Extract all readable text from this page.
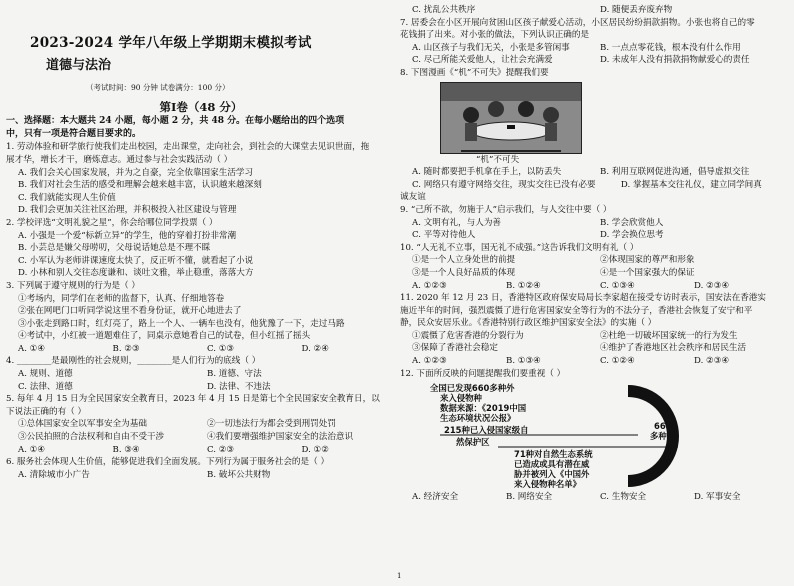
2023-2024 学年八年级上学期期末模拟考试
道德与法治
（考试时间：90 分钟 试卷满分：100 分）
第Ⅰ卷（48 分）
一、选择题：本大题共 24 小题，每小题 2 分，共 48 分。在每小题给出的四个选项
中，只有一项是符合题目要求的。
1. 劳动体验和研学旅行使我们走出校园，走出课堂，走向社会，到社会的大课堂去见识世面，拖
展才华，增长才干，磨炼意志。通过参与社会实践活动（ ）
A. 我们会关心国家发展，并为之自豪，完全依靠国家生活学习
B. 我们对社会生活的感受和理解会越来越丰富，认识越来越深刻
C. 我们就能实现人生价值
D. 我们会更加关注社区治理，并积极投入社区建设与管理
2. 学校评选“文明礼貌之星”，你会给哪位同学投票（ ）
A. 小强是一个爱“标新立异”的学生，他的穿着打扮非常潮
B. 小芸总是嫌父母唠叨，父母说话她总是不理不睬
C. 小军认为老师讲课速度太快了，反正听不懂，就看起了小说
D. 小林和别人交往态度谦和、谈吐文雅，举止稳重，落落大方
3. 下列属于遵守规则的行为是（ ）
①考场内，同学们在老师的监督下，认真、仔细地答卷
②张在网吧门口听同学说这里不看身份证，就开心地进去了
③小张走到路口时，红灯亮了，路上一个人、一辆车也没有，他犹豫了一下，走过马路
④考试中，小红被一道题难住了，同桌示意她看自己的试卷，但小红摇了摇头
A. ①④	B. ②③	C. ①③	D. ②④
4. ________是最刚性的社会规则，________是人们行为的底线（ ）
A. 规则、道德	B. 道德、守法
C. 法律、道德	D. 法律、不违法
5. 每年 4 月 15 日为全民国家安全教育日，2023 年 4 月 15 日是第七个全民国家安全教育日，以
下说法正确的有（ ）
①总体国家安全以军事安全为基础	②一切违法行为都会受到刑罚处罚
③公民拍照的合法权利和自由不受干涉	④我们要增强维护国家安全的法治意识
A. ①④	B. ③④	C. ②③	D. ①②
6. 服务社会体现人生价值，能够促进我们全面发展。下列行为属于服务社会的是（ ）
A. 清除城市小广告	B. 破坏公共财物
C. 扰乱公共秩序	D. 随便丢弃废弃物
7. 居委会在小区开展向贫困山区孩子献爱心活动，小区居民纷纷捐款捐物。小张也将自己的零
花钱捐了出来。对小张的做法，下列认识正确的是
A. 山区孩子与我们无关，小张是多管闲事	B. 一点点零花钱，根本没有什么作用
C. 尽己所能关爱他人，让社会充满爱	D. 未成年人没有捐款捐物献爱心的责任
8. 下图漫画《“机”不可失》提醒我们要
“机”不可失
A. 随时都要把手机拿在手上，以防丢失	B. 利用互联网促进沟通，倡导虚拟交往
C. 网络只有遵守网络交往，现实交往已没有必要	D. 掌握基本交往礼仪，建立同学间真
诚友谊
9. “己所不欲，勿施于人”启示我们，与人交往中要（ ）
A. 文明有礼，与人为善	B. 学会欣赏他人
C. 平等对待他人	D. 学会换位思考
10. “人无礼不立事，国无礼不成强。”这告诉我们文明有礼（ ）
①是一个人立身处世的前提	②体现国家的尊严和形象
③是一个人良好品质的体现	④是一个国家强大的保证
A. ①②③	B. ①②④	C. ①③④	D. ②③④
11. 2020 年 12 月 23 日，香港特区政府保安局局长李家超在接受专访时表示，国安法在香港实
施近半年的时间，强烈震慑了进行危害国家安全等行为的不法分子，香港社会恢复了安宁和平
静，民众安居乐业。《香港特别行政区维护国家安全法》的实施（ ）
①震慑了危害香港的分裂行为	②杜绝一切破坏国家统一的行为发生
③保障了香港社会稳定	④维护了香港地区社会秩序和居民生活
A. ①②③	B. ①③④	C. ①②④	D. ②③④
12. 下面所反映的问题提醒我们要重视（ ）
全国已发现660多种外
来入侵物种
数据来源：《2019中国
生态环境状况公报》
215种已入侵国家级自
然保护区
71种对自然生态系统
已造成或具有潜在威
胁并被列入《中国外
来入侵物种名单》
660
多种
A. 经济安全	B. 网络安全	C. 生物安全	D. 军事安全
1
